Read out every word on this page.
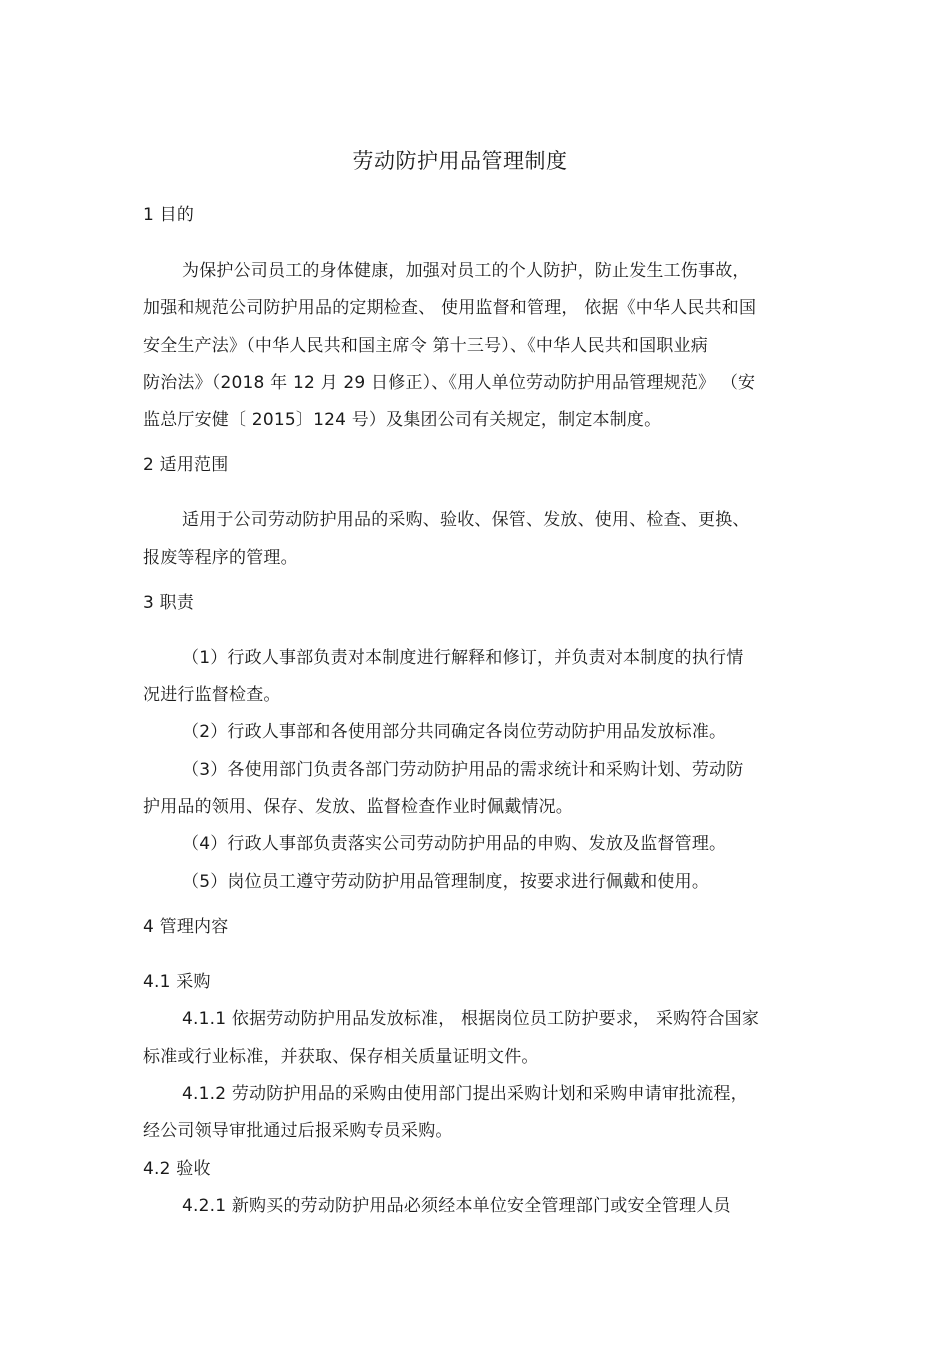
劳动防护用品管理制度
1 目的
为保护公司员工的身体健康，加强对员工的个人防护，防止发生工伤事故，
加强和规范公司防护用品的定期检查、 使用监督和管理， 依据《中华人民共和国
安全生产法》（中华人民共和国主席令 第十三号）、《中华人民共和国职业病
防治法》（2018 年 12 月 29 日修正）、《用人单位劳动防护用品管理规范》 （安
监总厅安健〔 2015〕124 号）及集团公司有关规定，制定本制度。
2 适用范围
适用于公司劳动防护用品的采购、验收、保管、发放、使用、检查、更换、
报废等程序的管理。
3 职责
（1）行政人事部负责对本制度进行解释和修订，并负责对本制度的执行情
况进行监督检查。
（2）行政人事部和各使用部分共同确定各岗位劳动防护用品发放标准。
（3）各使用部门负责各部门劳动防护用品的需求统计和采购计划、劳动防
护用品的领用、保存、发放、监督检查作业时佩戴情况。
（4）行政人事部负责落实公司劳动防护用品的申购、发放及监督管理。
（5）岗位员工遵守劳动防护用品管理制度，按要求进行佩戴和使用。
4 管理内容
4.1 采购
4.1.1 依据劳动防护用品发放标准， 根据岗位员工防护要求， 采购符合国家
标准或行业标准，并获取、保存相关质量证明文件。
4.1.2 劳动防护用品的采购由使用部门提出采购计划和采购申请审批流程，
经公司领导审批通过后报采购专员采购。
4.2 验收
4.2.1 新购买的劳动防护用品必须经本单位安全管理部门或安全管理人员
